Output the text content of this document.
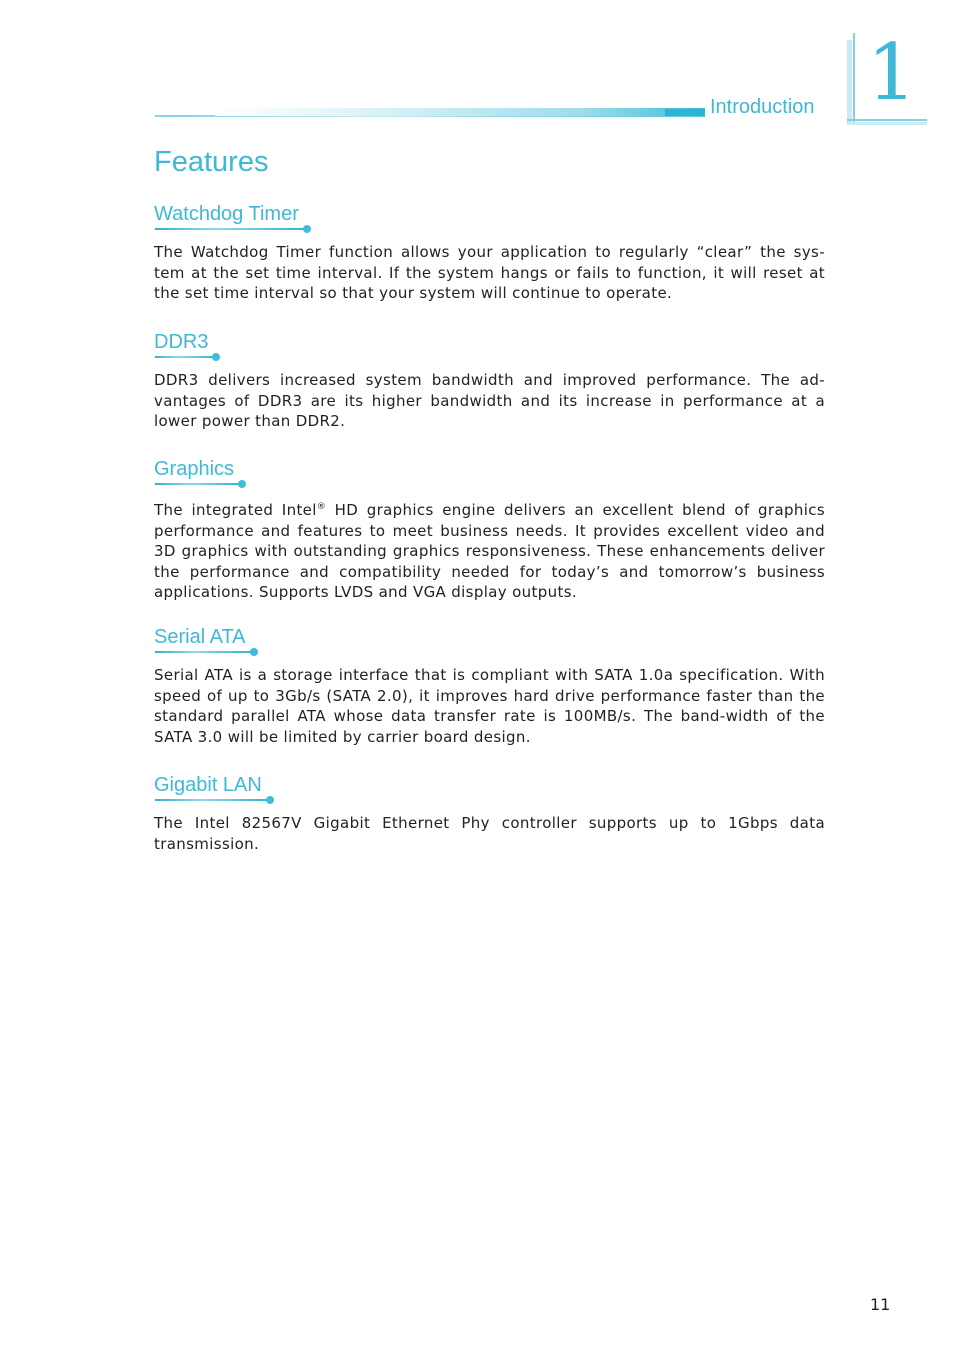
Introduction 1
Features
Watchdog Timer

The Watchdog Timer function allows your application to regularly “clear” the sys-tem at the set time interval. If the system hangs or fails to function, it will reset at the set time interval so that your system will continue to operate.

DDR3

DDR3 delivers increased system bandwidth and improved performance. The ad-vantages of DDR3 are its higher bandwidth and its increase in performance at a lower power than DDR2.

Graphics

The integrated Intel® HD graphics engine delivers an excellent blend of graphics performance and features to meet business needs. It provides excellent video and 3D graphics with outstanding graphics responsiveness. These enhancements deliver the performance and compatibility needed for today’s and tomorrow’s business applications. Supports LVDS and VGA display outputs.

Serial ATA

Serial ATA is a storage interface that is compliant with SATA 1.0a specification. With speed of up to 3Gb/s (SATA 2.0), it improves hard drive performance faster than the standard parallel ATA whose data transfer rate is 100MB/s. The band-width of the SATA 3.0 will be limited by carrier board design.

Gigabit LAN

The Intel 82567V Gigabit Ethernet Phy controller supports up to 1Gbps data transmission.

11
